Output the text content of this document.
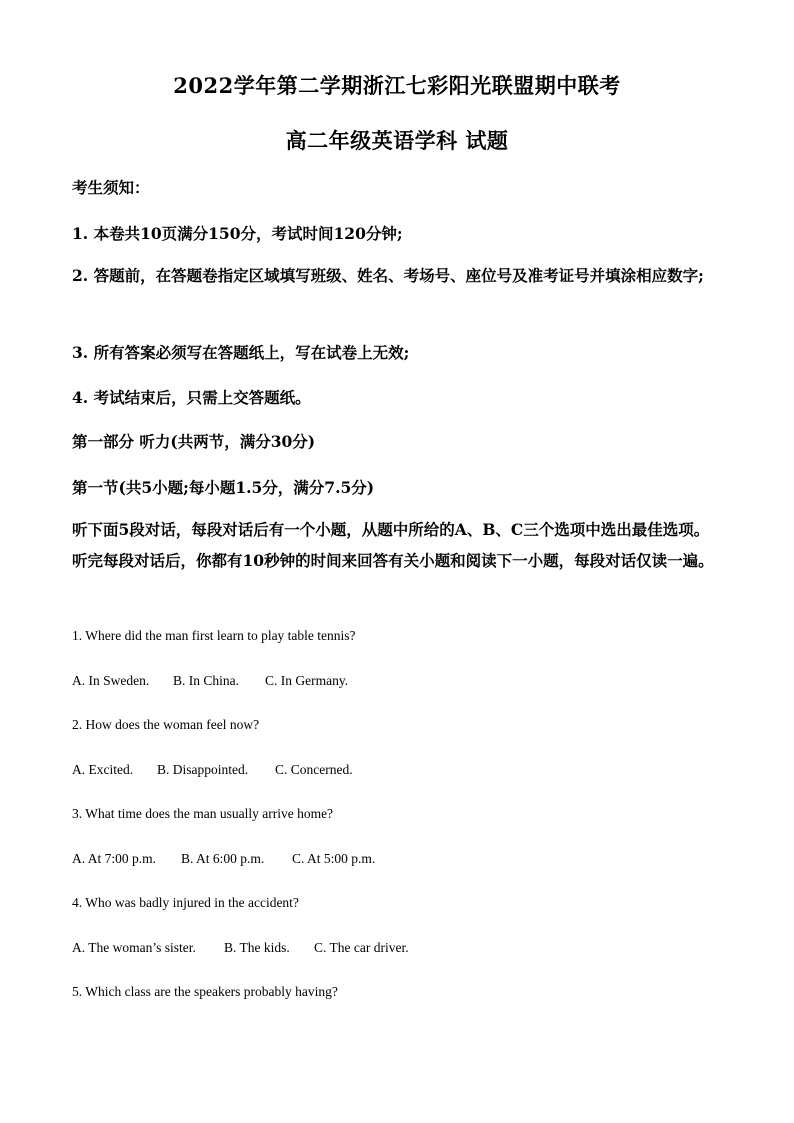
2022学年第二学期浙江七彩阳光联盟期中联考
高二年级英语学科 试题
考生须知：
1. 本卷共10页满分150分，考试时间120分钟;
2. 答题前，在答题卷指定区域填写班级、姓名、考场号、座位号及准考证号并填涂相应数字;
3. 所有答案必须写在答题纸上，写在试卷上无效;
4. 考试结束后，只需上交答题纸。
第一部分 听力(共两节，满分30分)
第一节(共5小题;每小题1.5分，满分7.5分)
听下面5段对话，每段对话后有一个小题，从题中所给的A、B、C三个选项中选出最佳选项。听完每段对话后，你都有10秒钟的时间来回答有关小题和阅读下一小题，每段对话仅读一遍。
1. Where did the man first learn to play table tennis?
A. In Sweden. B. In China. C. In Germany.
2. How does the woman feel now?
A. Excited. B. Disappointed. C. Concerned.
3. What time does the man usually arrive home?
A. At 7:00 p.m. B. At 6:00 p.m. C. At 5:00 p.m.
4. Who was badly injured in the accident?
A. The woman’s sister. B. The kids. C. The car driver.
5. Which class are the speakers probably having?
